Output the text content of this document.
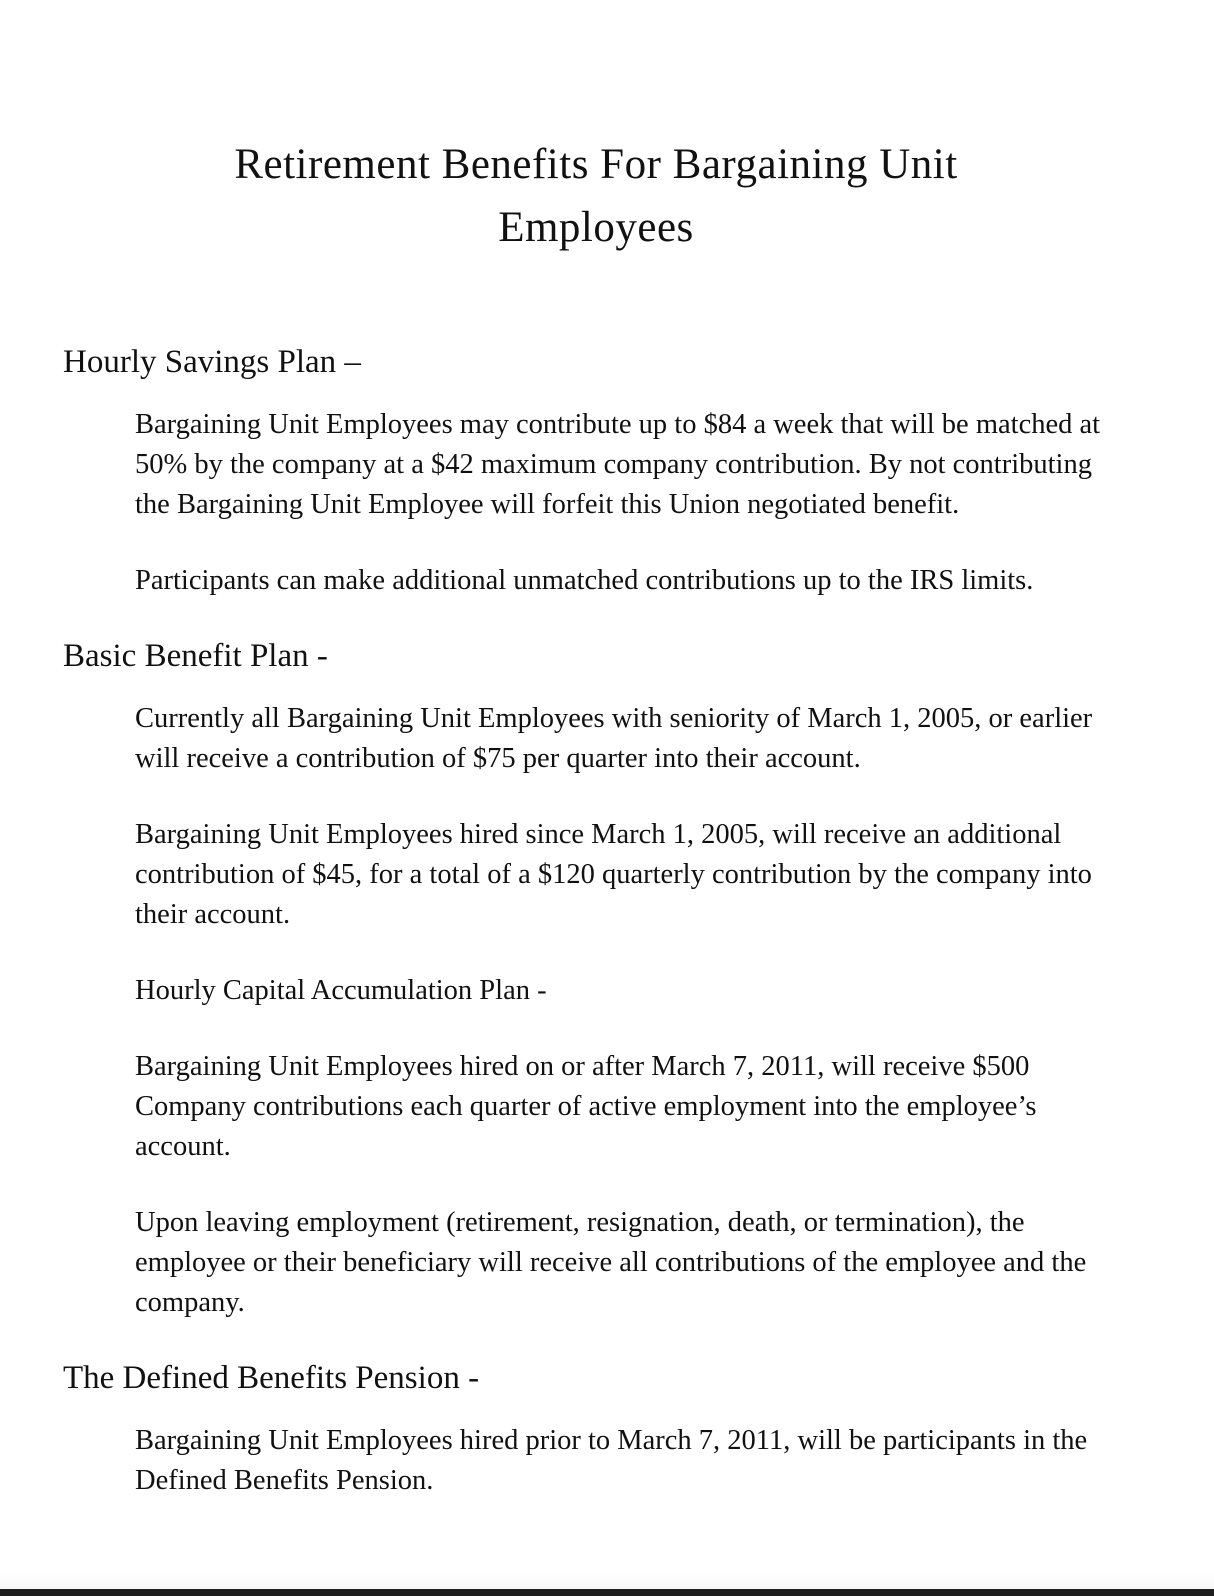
Retirement Benefits For Bargaining Unit
Employees
Hourly Savings Plan –

Bargaining Unit Employees may contribute up to $84 a week that will be matched at 50% by the company at a $42 maximum company contribution. By not contributing the Bargaining Unit Employee will forfeit this Union negotiated benefit.

Participants can make additional unmatched contributions up to the IRS limits.

Basic Benefit Plan -

Currently all Bargaining Unit Employees with seniority of March 1, 2005, or earlier will receive a contribution of $75 per quarter into their account.

Bargaining Unit Employees hired since March 1, 2005, will receive an additional contribution of $45, for a total of a $120 quarterly contribution by the company into their account.

Hourly Capital Accumulation Plan -

Bargaining Unit Employees hired on or after March 7, 2011, will receive $500 Company contributions each quarter of active employment into the employee’s account.

Upon leaving employment (retirement, resignation, death, or termination), the employee or their beneficiary will receive all contributions of the employee and the company.

The Defined Benefits Pension -

Bargaining Unit Employees hired prior to March 7, 2011, will be participants in the Defined Benefits Pension.
